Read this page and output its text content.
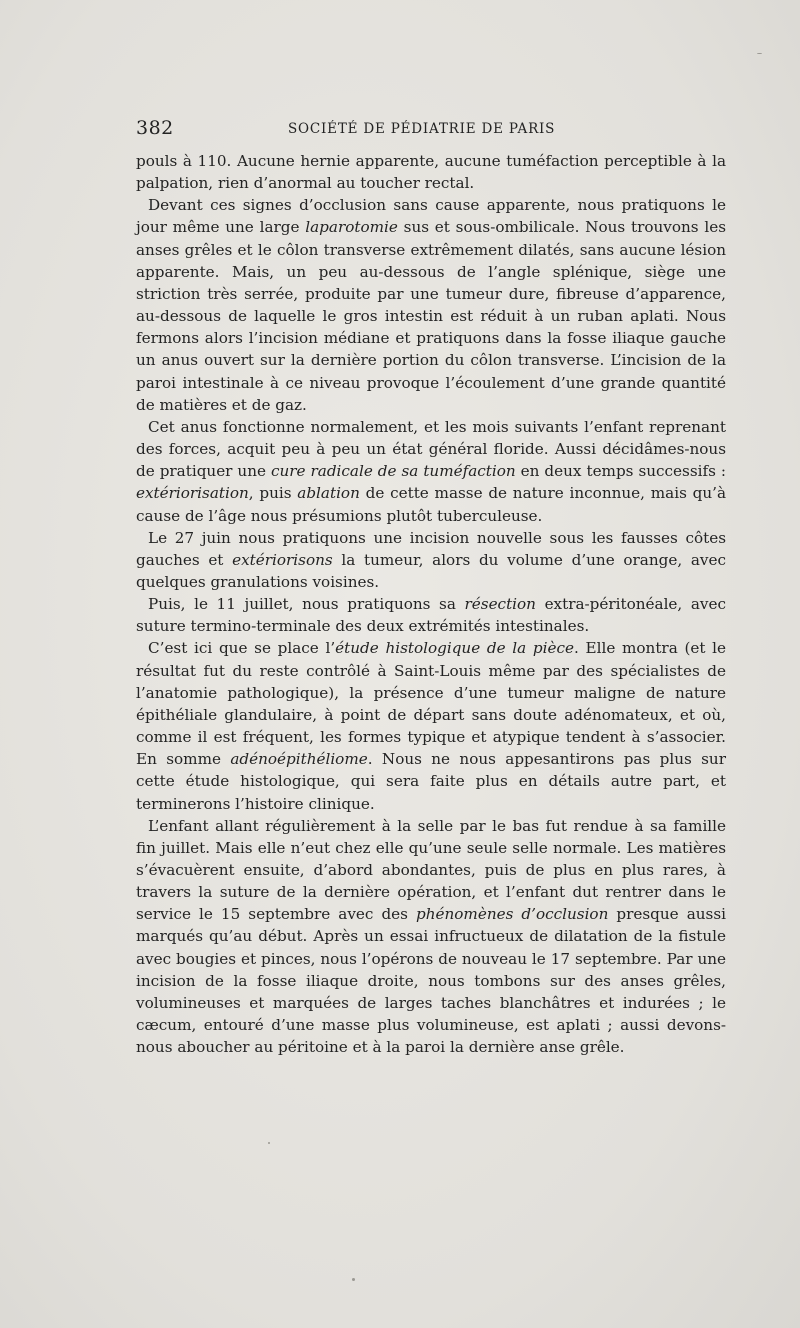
382	SOCIÉTÉ DE PÉDIATRIE DE PARIS

pouls à 110. Aucune hernie apparente, aucune tuméfaction perceptible à la palpation, rien d’anormal au toucher rectal.

Devant ces signes d’occlusion sans cause apparente, nous pratiquons le jour même une large laparotomie sus et sous-ombilicale. Nous trouvons les anses grêles et le côlon transverse extrêmement dilatés, sans aucune lésion apparente. Mais, un peu au-dessous de l’angle splénique, siège une striction très serrée, produite par une tumeur dure, fibreuse d’apparence, au-dessous de laquelle le gros intestin est réduit à un ruban aplati. Nous fermons alors l’incision médiane et pratiquons dans la fosse iliaque gauche un anus ouvert sur la dernière portion du côlon transverse. L’incision de la paroi intestinale à ce niveau provoque l’écoulement d’une grande quantité de matières et de gaz.

Cet anus fonctionne normalement, et les mois suivants l’enfant reprenant des forces, acquit peu à peu un état général floride. Aussi décidâmes-nous de pratiquer une cure radicale de sa tuméfaction en deux temps successifs : extériorisation, puis ablation de cette masse de nature inconnue, mais qu’à cause de l’âge nous présumions plutôt tuberculeuse.

Le 27 juin nous pratiquons une incision nouvelle sous les fausses côtes gauches et extériorisons la tumeur, alors du volume d’une orange, avec quelques granulations voisines.

Puis, le 11 juillet, nous pratiquons sa résection extra-péritonéale, avec suture termino-terminale des deux extrémités intestinales.

C’est ici que se place l’étude histologique de la pièce. Elle montra (et le résultat fut du reste contrôlé à Saint-Louis même par des spécialistes de l’anatomie pathologique), la présence d’une tumeur maligne de nature épithéliale glandulaire, à point de départ sans doute adénomateux, et où, comme il est fréquent, les formes typique et atypique tendent à s’associer. En somme adénoépithéliome. Nous ne nous appesantirons pas plus sur cette étude histologique, qui sera faite plus en détails autre part, et terminerons l’histoire clinique.

L’enfant allant régulièrement à la selle par le bas fut rendue à sa famille fin juillet. Mais elle n’eut chez elle qu’une seule selle normale. Les matières s’évacuèrent ensuite, d’abord abondantes, puis de plus en plus rares, à travers la suture de la dernière opération, et l’enfant dut rentrer dans le service le 15 septembre avec des phénomènes d’occlusion presque aussi marqués qu’au début. Après un essai infructueux de dilatation de la fistule avec bougies et pinces, nous l’opérons de nouveau le 17 septembre. Par une incision de la fosse iliaque droite, nous tombons sur des anses grêles, volumineuses et marquées de larges taches blanchâtres et indurées ; le cæcum, entouré d’une masse plus volumineuse, est aplati ; aussi devons-nous aboucher au péritoine et à la paroi la dernière anse grêle.
